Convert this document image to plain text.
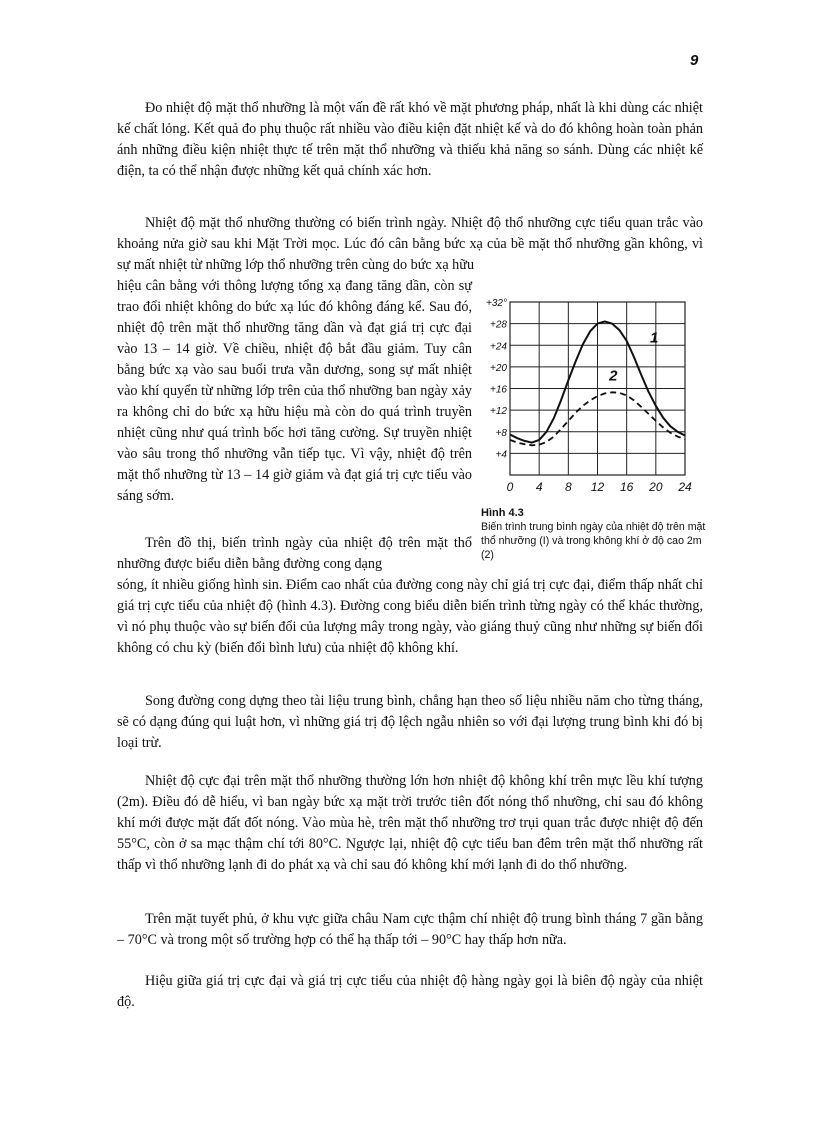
9

Đo nhiệt độ mặt thổ nhưỡng là một vấn đề rất khó về mặt phương pháp, nhất là khi dùng các nhiệt kế chất lỏng. Kết quả đo phụ thuộc rất nhiều vào điều kiện đặt nhiệt kế và do đó không hoàn toàn phản ánh những điều kiện nhiệt thực tế trên mặt thổ nhưỡng và thiếu khả năng so sánh. Dùng các nhiệt kế điện, ta có thể nhận được những kết quả chính xác hơn.

Nhiệt độ mặt thổ nhưỡng thường có biến trình ngày. Nhiệt độ thổ nhưỡng cực tiểu quan trắc vào khoảng nửa giờ sau khi Mặt Trời mọc. Lúc đó cân bằng bức xạ của bề mặt thổ nhưỡng gần không, vì sự mất nhiệt từ những lớp thổ nhưỡng trên cùng do bức xạ hữu

hiệu cân bằng với thông lượng tổng xạ đang tăng dần, còn sự trao đổi nhiệt không do bức xạ lúc đó không đáng kể. Sau đó, nhiệt độ trên mặt thổ nhưỡng tăng dần và đạt giá trị cực đại vào 13 – 14 giờ. Về chiều, nhiệt độ bắt đầu giảm. Tuy cân bằng bức xạ vào sau buổi trưa vẫn dương, song sự mất nhiệt vào khí quyển từ những lớp trên của thổ nhưỡng ban ngày xảy ra không chỉ do bức xạ hữu hiệu mà còn do quá trình truyền nhiệt cũng như quá trình bốc hơi tăng cường. Sự truyền nhiệt vào sâu trong thổ nhưỡng vẫn tiếp tục. Vì vậy, nhiệt độ trên mặt thổ nhưỡng từ 13 – 14 giờ giảm và đạt giá trị cực tiểu vào sáng sớm.

Trên đồ thị, biến trình ngày của nhiệt độ trên mặt thổ nhưỡng được biểu diễn bằng đường cong dạng

sóng, ít nhiều giống hình sin. Điểm cao nhất của đường cong này chỉ giá trị cực đại, điểm thấp nhất chỉ giá trị cực tiểu của nhiệt độ (hình 4.3). Đường cong biểu diễn biến trình từng ngày có thể khác thường, vì nó phụ thuộc vào sự biến đổi của lượng mây trong ngày, vào giáng thuỷ cũng như những sự biến đổi không có chu kỳ (biến đổi bình lưu) của nhiệt độ không khí.

Song đường cong dựng theo tài liệu trung bình, chẳng hạn theo số liệu nhiều năm cho từng tháng, sẽ có dạng đúng qui luật hơn, vì những giá trị độ lệch ngẫu nhiên so với đại lượng trung bình khi đó bị loại trừ.

Nhiệt độ cực đại trên mặt thổ nhưỡng thường lớn hơn nhiệt độ không khí trên mực lều khí tượng (2m). Điều đó dễ hiểu, vì ban ngày bức xạ mặt trời trước tiên đốt nóng thổ nhưỡng, chỉ sau đó không khí mới được mặt đất đốt nóng. Vào mùa hè, trên mặt thổ nhưỡng trơ trụi quan trắc được nhiệt độ đến 55°C, còn ở sa mạc thậm chí tới 80°C. Ngược lại, nhiệt độ cực tiểu ban đêm trên mặt thổ nhưỡng rất thấp vì thổ nhưỡng lạnh đi do phát xạ và chỉ sau đó không khí mới lạnh đi do thổ nhưỡng.

Trên mặt tuyết phủ, ở khu vực giữa châu Nam cực thậm chí nhiệt độ trung bình tháng 7 gần bằng – 70°C và trong một số trường hợp có thể hạ thấp tới – 90°C hay thấp hơn nữa.

Hiệu giữa giá trị cực đại và giá trị cực tiểu của nhiệt độ hàng ngày gọi là biên độ ngày của nhiệt độ.

0 4 8 12 16 20 24
+4
+8
+12
+16
+20
+24
+28
+32°
1
2
Hình 4.3

Biến trình trung bình ngày của nhiệt độ trên mặt thổ nhưỡng (I) và trong không khí ở độ cao 2m (2)
